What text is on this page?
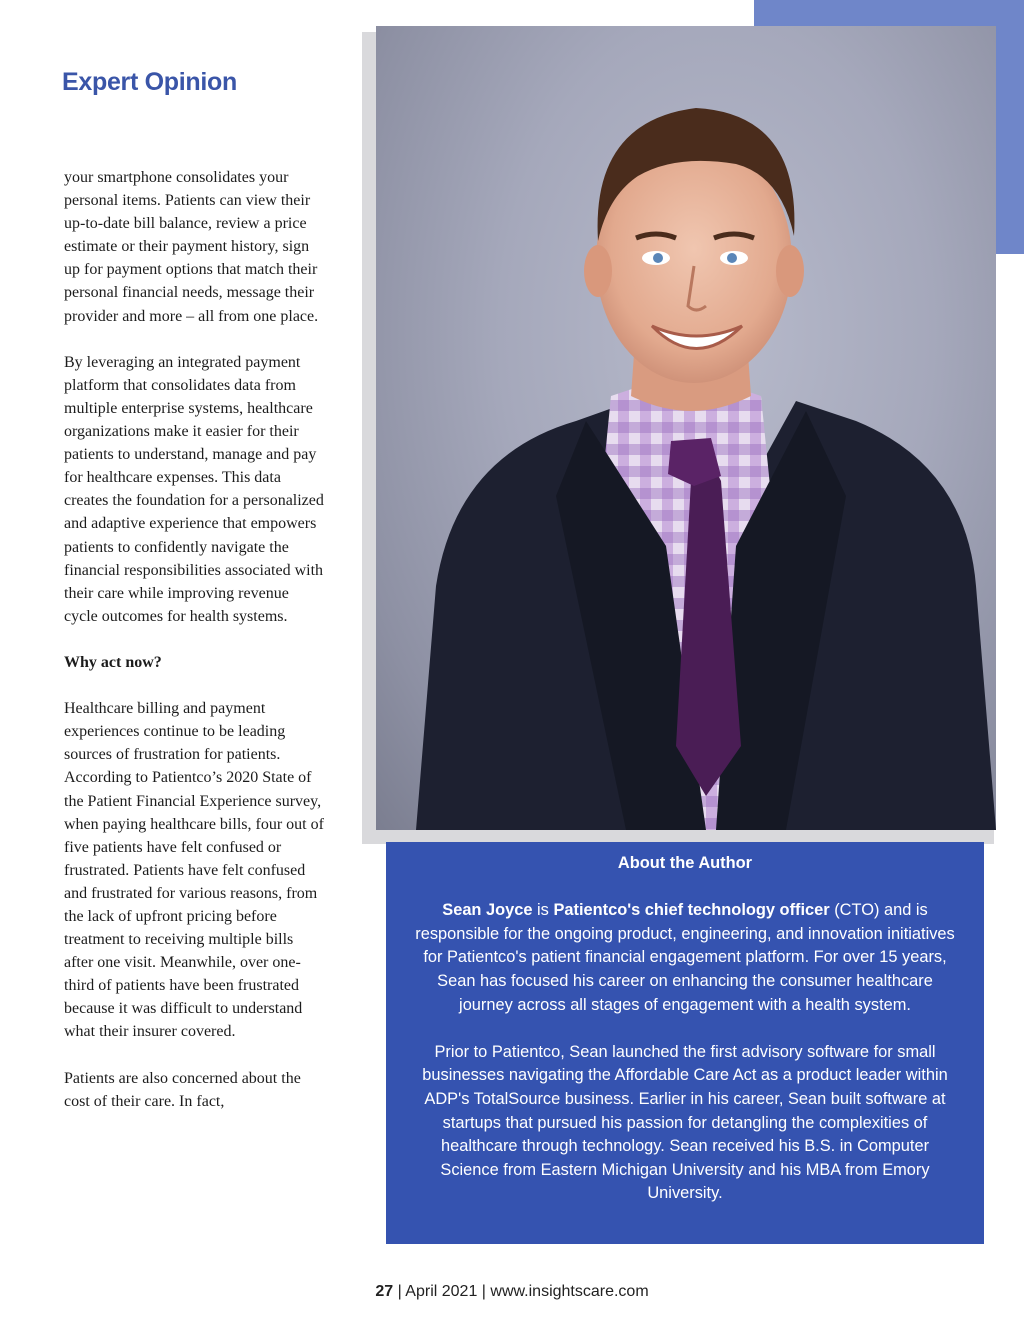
Expert Opinion

your smartphone consolidates your personal items. Patients can view their up-to-date bill balance, review a price estimate or their payment history, sign up for payment options that match their personal financial needs, message their provider and more – all from one place.

By leveraging an integrated payment platform that consolidates data from multiple enterprise systems, healthcare organizations make it easier for their patients to understand, manage and pay for healthcare expenses. This data creates the foundation for a personalized and adaptive experience that empowers patients to confidently navigate the financial responsibilities associated with their care while improving revenue cycle outcomes for health systems.

Why act now?

Healthcare billing and payment experiences continue to be leading sources of frustration for patients. According to Patientco’s 2020 State of the Patient Financial Experience survey, when paying healthcare bills, four out of five patients have felt confused or frustrated. Patients have felt confused and frustrated for various reasons, from the lack of upfront pricing before treatment to receiving multiple bills after one visit. Meanwhile, over one-third of patients have been frustrated because it was difficult to understand what their insurer covered.

Patients are also concerned about the cost of their care. In fact,

About the Author

Sean Joyce is Patientco's chief technology officer (CTO) and is responsible for the ongoing product, engineering, and innovation initiatives for Patientco's patient financial engagement platform. For over 15 years, Sean has focused his career on enhancing the consumer healthcare journey across all stages of engagement with a health system.

Prior to Patientco, Sean launched the first advisory software for small businesses navigating the Affordable Care Act as a product leader within ADP's TotalSource business. Earlier in his career, Sean built software at startups that pursued his passion for detangling the complexities of healthcare through technology. Sean received his B.S. in Computer Science from Eastern Michigan University and his MBA from Emory University.

27 | April 2021 | www.insightscare.com
